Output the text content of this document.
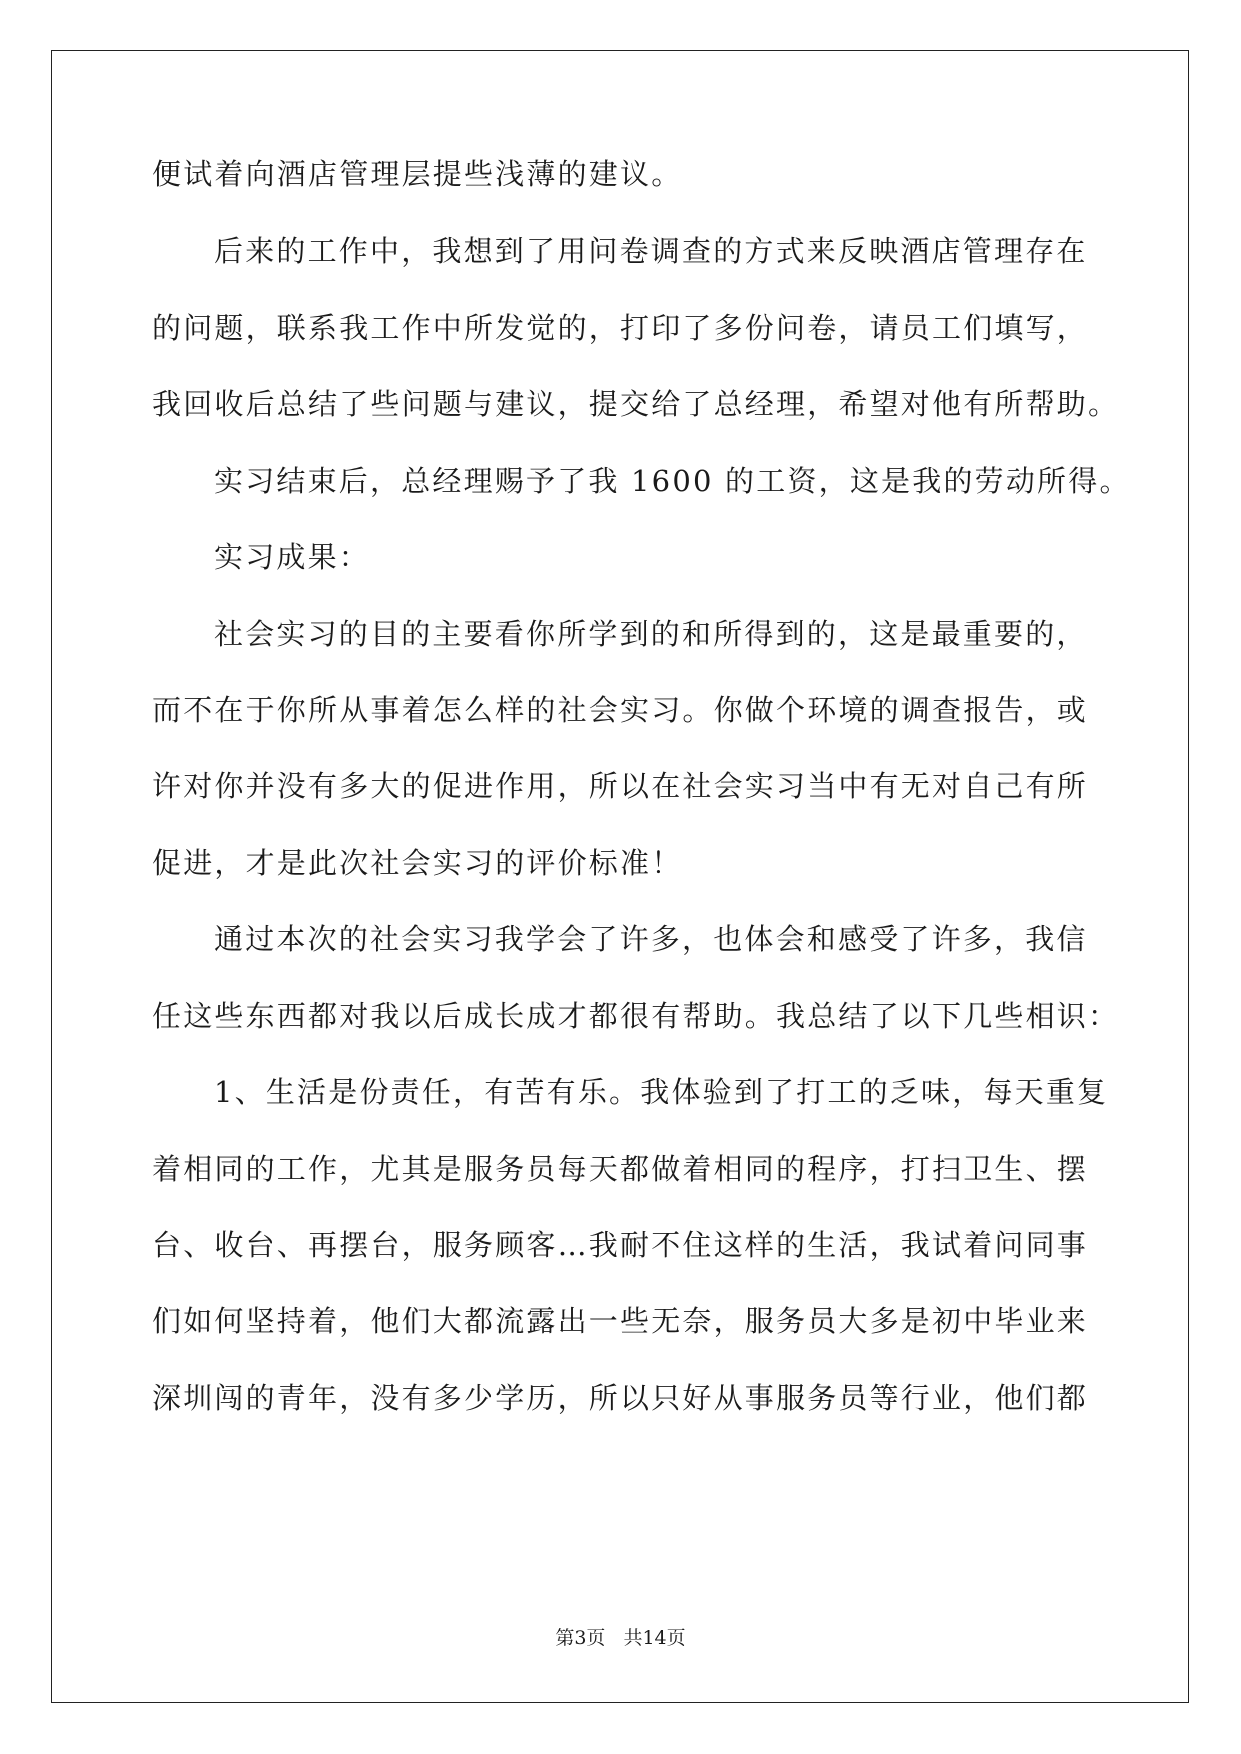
便试着向酒店管理层提些浅薄的建议。
后来的工作中，我想到了用问卷调查的方式来反映酒店管理存在
的问题，联系我工作中所发觉的，打印了多份问卷，请员工们填写，
我回收后总结了些问题与建议，提交给了总经理，希望对他有所帮助。
实习结束后，总经理赐予了我 1600 的工资，这是我的劳动所得。
实习成果：
社会实习的目的主要看你所学到的和所得到的，这是最重要的，
而不在于你所从事着怎么样的社会实习。你做个环境的调查报告，或
许对你并没有多大的促进作用，所以在社会实习当中有无对自己有所
促进，才是此次社会实习的评价标准！
通过本次的社会实习我学会了许多，也体会和感受了许多，我信
任这些东西都对我以后成长成才都很有帮助。我总结了以下几些相识：
1、生活是份责任，有苦有乐。我体验到了打工的乏味，每天重复
着相同的工作，尤其是服务员每天都做着相同的程序，打扫卫生、摆
台、收台、再摆台，服务顾客…我耐不住这样的生活，我试着问同事
们如何坚持着，他们大都流露出一些无奈，服务员大多是初中毕业来
深圳闯的青年，没有多少学历，所以只好从事服务员等行业，他们都
第3页 共14页
